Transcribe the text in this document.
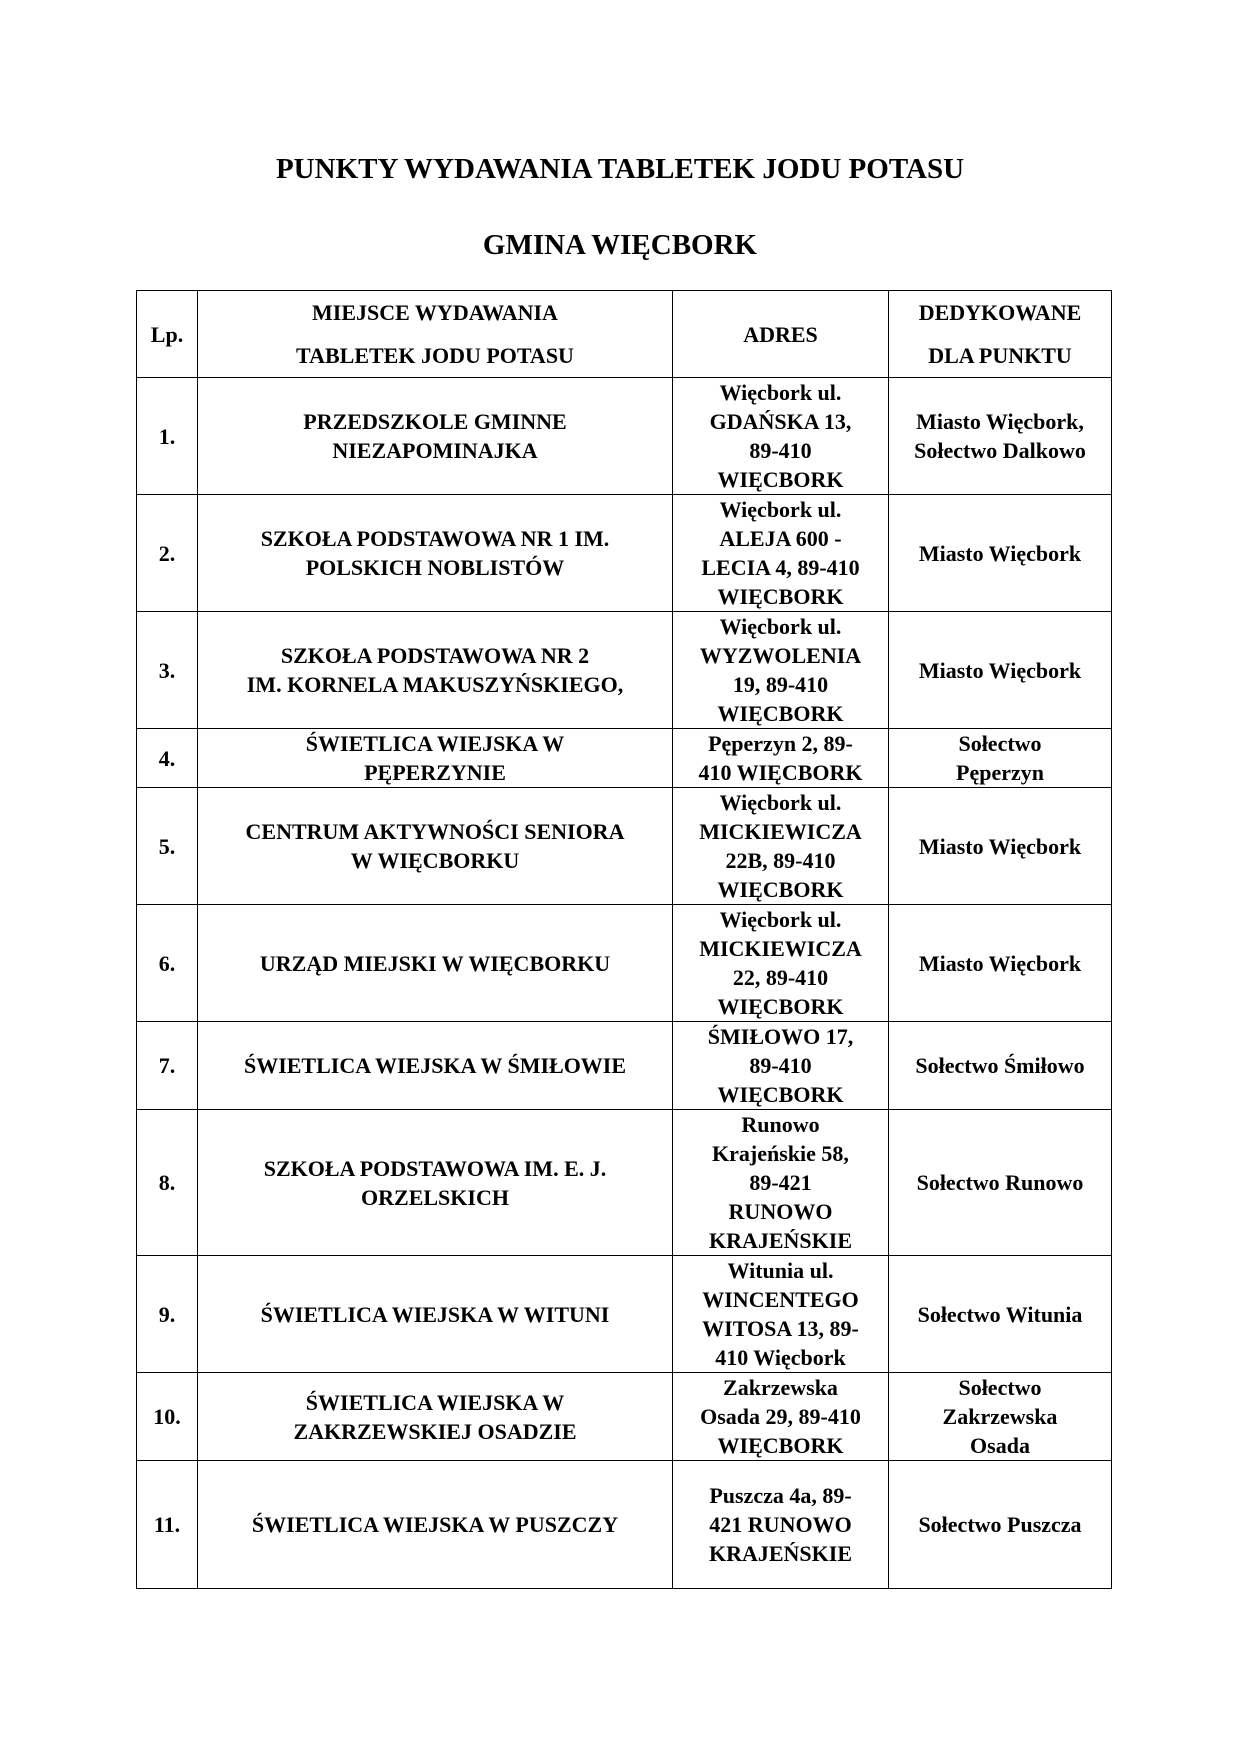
PUNKTY WYDAWANIA TABLETEK JODU POTASU
GMINA WIĘCBORK
Lp.	MIEJSCE WYDAWANIA
TABLETEK JODU POTASU	ADRES	DEDYKOWANE
DLA PUNKTU

1.	PRZEDSZKOLE GMINNE
NIEZAPOMINAJKA	Więcbork ul.
GDAŃSKA 13,
89-410
WIĘCBORK	Miasto Więcbork,
Sołectwo Dalkowo

2.	SZKOŁA PODSTAWOWA NR 1 IM.
POLSKICH NOBLISTÓW	Więcbork ul.
ALEJA 600 -
LECIA 4, 89-410
WIĘCBORK	Miasto Więcbork

3.	SZKOŁA PODSTAWOWA NR 2
IM. KORNELA MAKUSZYŃSKIEGO,	Więcbork ul.
WYZWOLENIA
19, 89-410
WIĘCBORK	Miasto Więcbork

4.	ŚWIETLICA WIEJSKA W
PĘPERZYNIE	Pęperzyn 2, 89-
410 WIĘCBORK	Sołectwo
Pęperzyn

5.	CENTRUM AKTYWNOŚCI SENIORA
W WIĘCBORKU	Więcbork ul.
MICKIEWICZA
22B, 89-410
WIĘCBORK	Miasto Więcbork

6.	URZĄD MIEJSKI W WIĘCBORKU	Więcbork ul.
MICKIEWICZA
22, 89-410
WIĘCBORK	Miasto Więcbork

7.	ŚWIETLICA WIEJSKA W ŚMIŁOWIE	ŚMIŁOWO 17,
89-410
WIĘCBORK	Sołectwo Śmiłowo

8.	SZKOŁA PODSTAWOWA IM. E. J.
ORZELSKICH	Runowo
Krajeńskie 58,
89-421
RUNOWO
KRAJEŃSKIE	Sołectwo Runowo

9.	ŚWIETLICA WIEJSKA W WITUNI	Witunia ul.
WINCENTEGO
WITOSA 13, 89-
410 Więcbork	Sołectwo Witunia

10.	ŚWIETLICA WIEJSKA W
ZAKRZEWSKIEJ OSADZIE	Zakrzewska
Osada 29, 89-410
WIĘCBORK	Sołectwo
Zakrzewska
Osada

11.	ŚWIETLICA WIEJSKA W PUSZCZY	Puszcza 4a, 89-
421 RUNOWO
KRAJEŃSKIE	Sołectwo Puszcza
